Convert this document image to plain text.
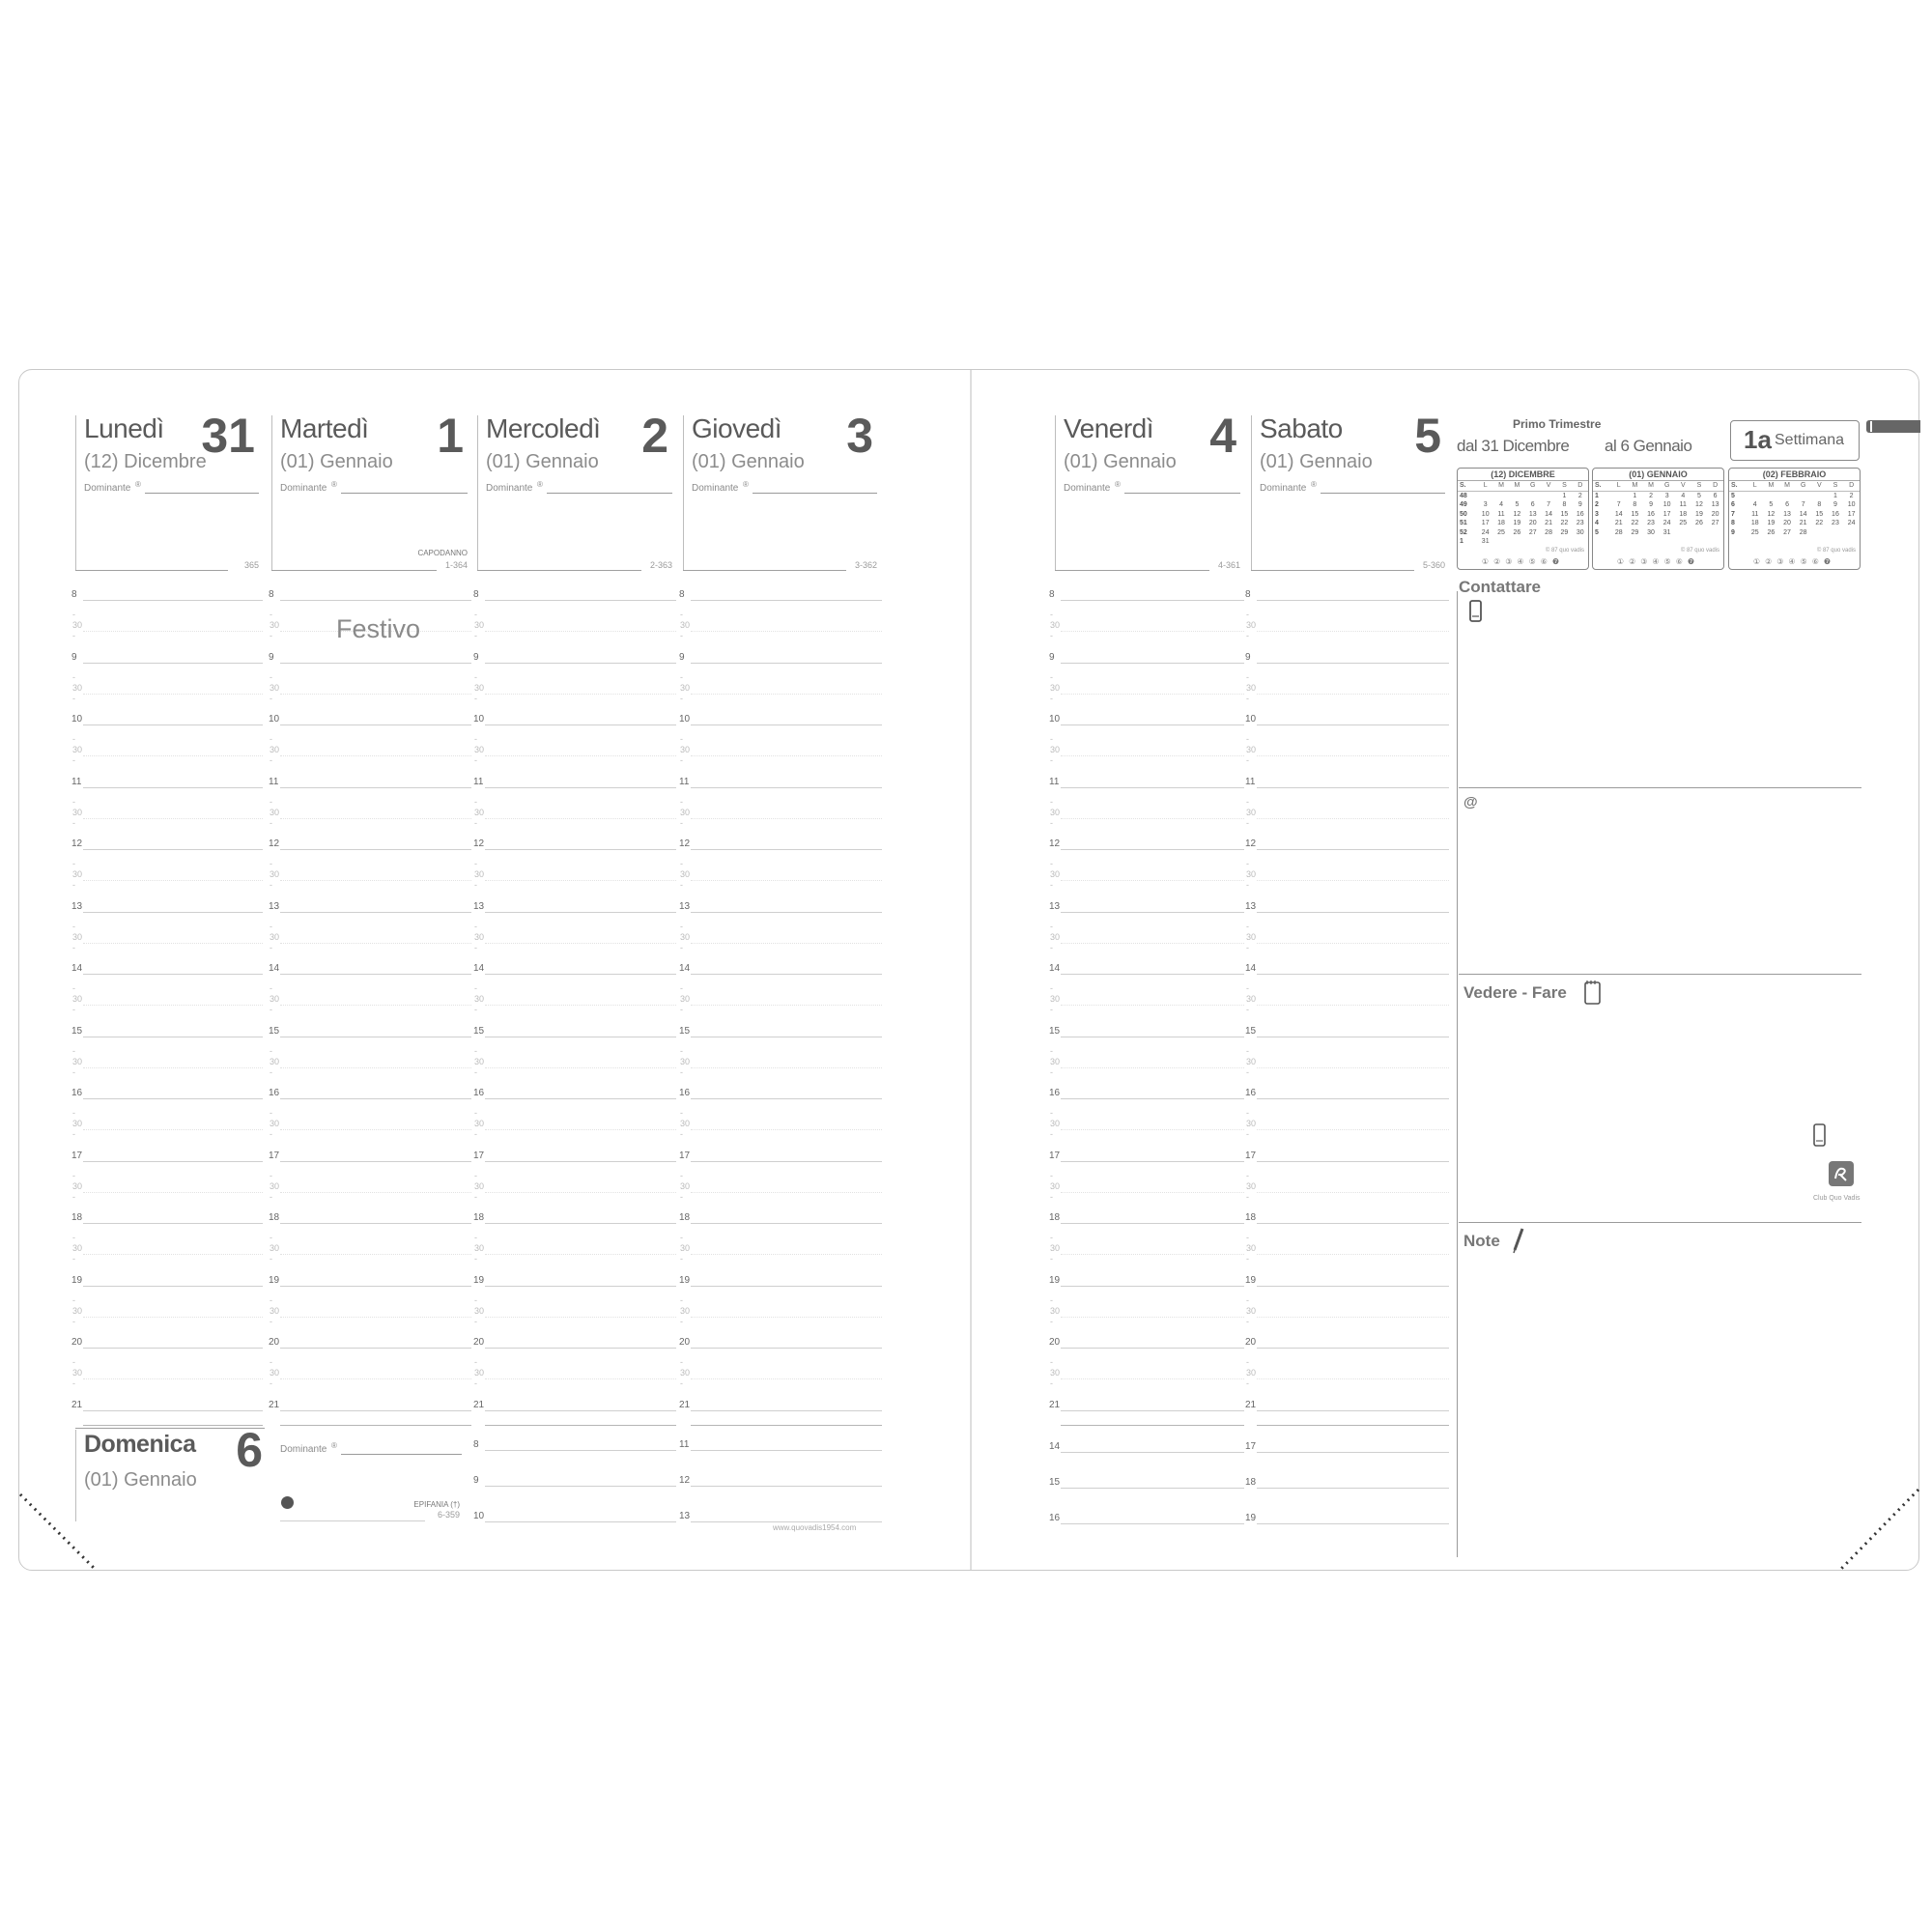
Lunedì 31
(12) Dicembre
Dominante ®
365
Martedì	1
(01) Gennaio
Dominante ®
CAPODANNO
1-364
Mercoledì 2
(01) Gennaio
Dominante ®
2-363
Giovedì	3
(01) Gennaio
Dominante ®
3-362
Venerdì	4
(01) Gennaio
Dominante ®
4-361
Sabato	5
(01) Gennaio
Dominante ®
5-360
8
-
30
-
9
-
30
-
10
-
30
-
11
-
30
-
12
-
30
-
13
-
30
-
14
-
30
-
15
-
30
-
16
-
30
-
17
-
30
-
18
-
30
-
19
-
30
-
20
-
30
-
21
8
-
30
-
9
-
30
-
10
-
30
-
11
-
30
-
12
-
30
-
13
-
30
-
14
-
30
-
15
-
30
-
16
-
30
-
17
-
30
-
18
-
30
-
19
-
30
-
20
-
30
-
21
8
-
30
-
9
-
30
-
10
-
30
-
11
-
30
-
12
-
30
-
13
-
30
-
14
-
30
-
15
-
30
-
16
-
30
-
17
-
30
-
18
-
30
-
19
-
30
-
20
-
30
-
21
8
-
30
-
9
-
30
-
10
-
30
-
11
-
30
-
12
-
30
-
13
-
30
-
14
-
30
-
15
-
30
-
16
-
30
-
17
-
30
-
18
-
30
-
19
-
30
-
20
-
30
-
21
8
-
30
-
9
-
30
-
10
-
30
-
11
-
30
-
12
-
30
-
13
-
30
-
14
-
30
-
15
-
30
-
16
-
30
-
17
-
30
-
18
-
30
-
19
-
30
-
20
-
30
-
21
8
-
30
-
9
-
30
-
10
-
30
-
11
-
30
-
12
-
30
-
13
-
30
-
14
-
30
-
15
-
30
-
16
-
30
-
17
-
30
-
18
-
30
-
19
-
30
-
20
-
30
-
21
14
15
16
17
18
19
Domenica 6
(01) Gennaio
Dominante ®
EPIFANIA (†)
6-359
8
9
10
11
12
13
Festivo
www.quovadis1954.com
Primo Trimestre
dal 31 Dicembre al 6 Gennaio 1a Settimana
(12) DICEMBRE
S.	L	M	M	G	V	S	D
48						1	2
49	3	4	5	6	7	8	9
50	10	11	12	13	14	15	16
51	17	18	19	20	21	22	23
52	24	25	26	27	28	29	30
1	31						
© 87 quo vadis
①②③④⑤⑥❼
(01) GENNAIO
S.	L	M	M	G	V	S	D
1		1	2	3	4	5	6
2	7	8	9	10	11	12	13
3	14	15	16	17	18	19	20
4	21	22	23	24	25	26	27
5	28	29	30	31			
© 87 quo vadis
①②③④⑤⑥❼
(02) FEBBRAIO
S.	L	M	M	G	V	S	D
5						1	2
6	4	5	6	7	8	9	10
7	11	12	13	14	15	16	17
8	18	19	20	21	22	23	24
9	25	26	27	28			
© 87 quo vadis
①②③④⑤⑥❼
Contattare
@
Vedere - Fare
Club Quo Vadis
Note
